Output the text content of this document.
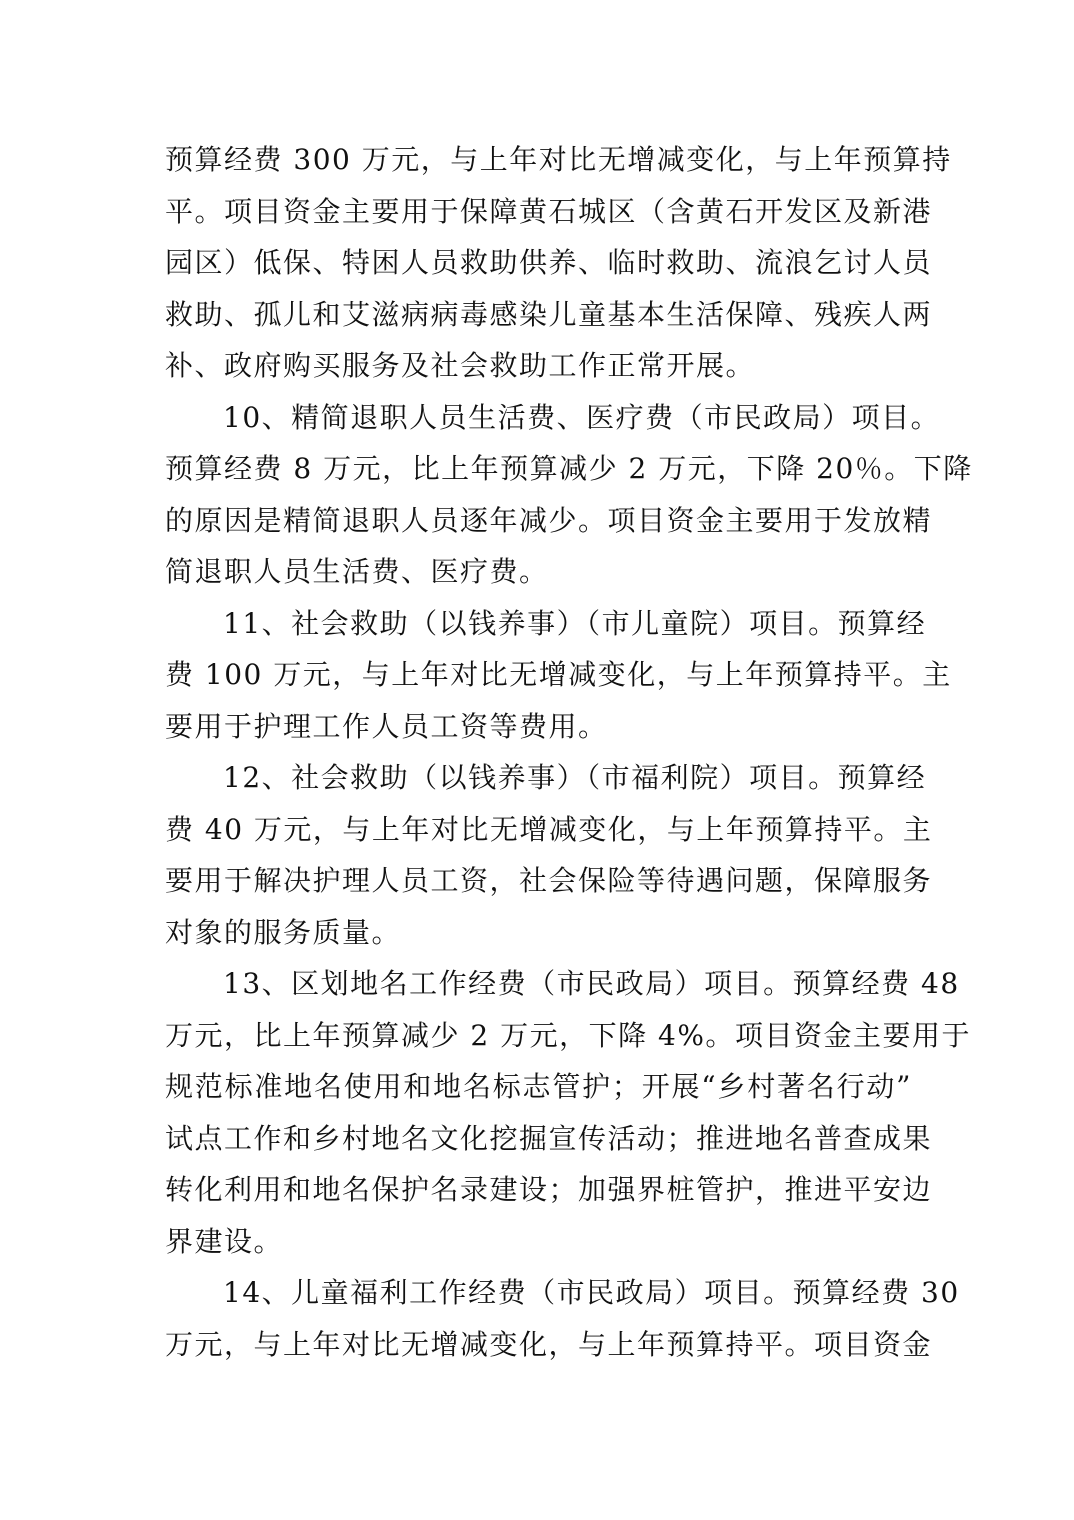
预算经费 300 万元，与上年对比无增减变化，与上年预算持
平。项目资金主要用于保障黄石城区（含黄石开发区及新港
园区）低保、特困人员救助供养、临时救助、流浪乞讨人员
救助、孤儿和艾滋病病毒感染儿童基本生活保障、残疾人两
补、政府购买服务及社会救助工作正常开展。
10、精简退职人员生活费、医疗费（市民政局）项目。
预算经费 8 万元，比上年预算减少 2 万元，下降 20％。下降
的原因是精简退职人员逐年减少。项目资金主要用于发放精
简退职人员生活费、医疗费。
11、社会救助（以钱养事）（市儿童院）项目。预算经
费 100 万元，与上年对比无增减变化，与上年预算持平。主
要用于护理工作人员工资等费用。
12、社会救助（以钱养事）（市福利院）项目。预算经
费 40 万元，与上年对比无增减变化，与上年预算持平。主
要用于解决护理人员工资，社会保险等待遇问题，保障服务
对象的服务质量。
13、区划地名工作经费（市民政局）项目。预算经费 48
万元，比上年预算减少 2 万元，下降 4%。项目资金主要用于
规范标准地名使用和地名标志管护；开展“乡村著名行动”
试点工作和乡村地名文化挖掘宣传活动；推进地名普查成果
转化利用和地名保护名录建设；加强界桩管护，推进平安边
界建设。
14、儿童福利工作经费（市民政局）项目。预算经费 30
万元，与上年对比无增减变化，与上年预算持平。项目资金
